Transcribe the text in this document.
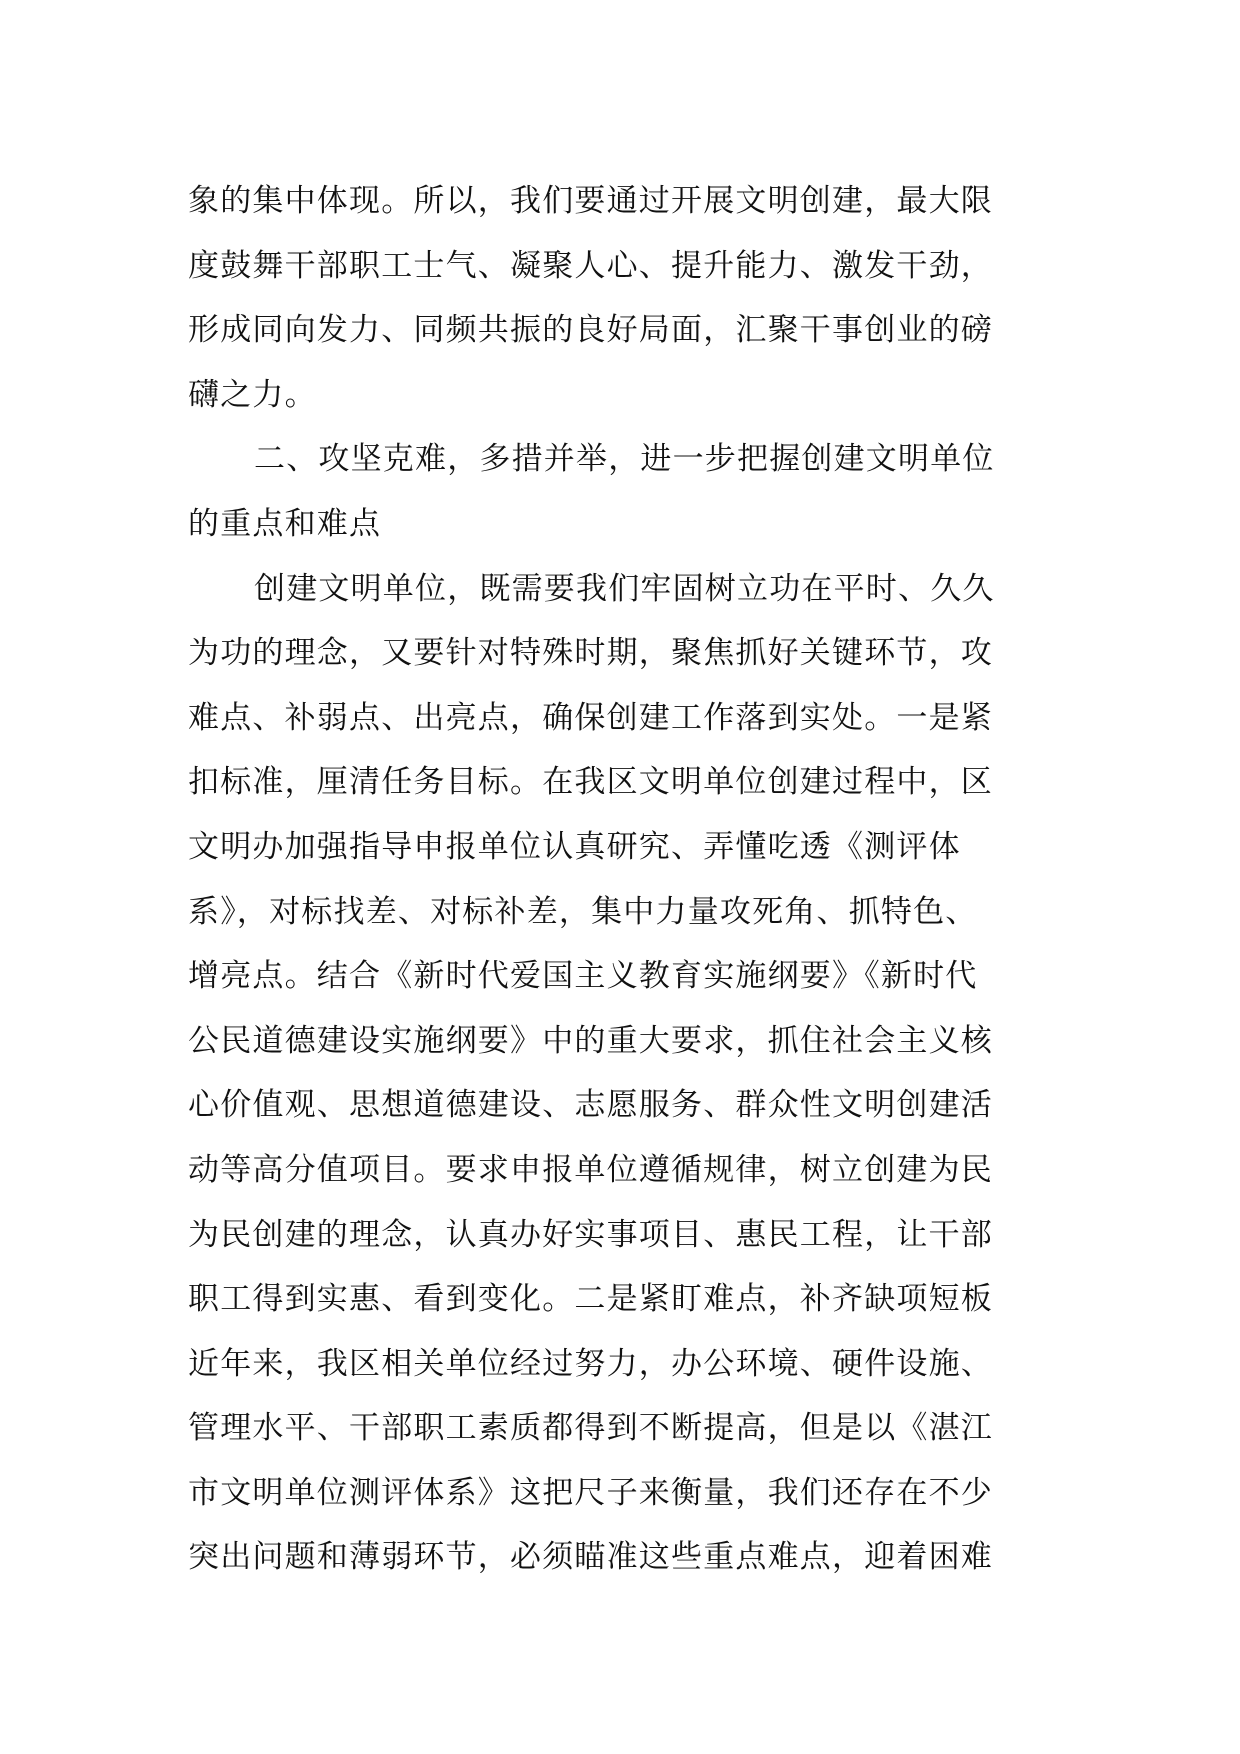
象的集中体现。所以，我们要通过开展文明创建，最大限
度鼓舞干部职工士气、凝聚人心、提升能力、激发干劲，
形成同向发力、同频共振的良好局面，汇聚干事创业的磅
礴之力。
二、攻坚克难，多措并举，进一步把握创建文明单位
的重点和难点
创建文明单位，既需要我们牢固树立功在平时、久久
为功的理念，又要针对特殊时期，聚焦抓好关键环节，攻
难点、补弱点、出亮点，确保创建工作落到实处。一是紧
扣标准，厘清任务目标。在我区文明单位创建过程中，区
文明办加强指导申报单位认真研究、弄懂吃透《测评体
系》，对标找差、对标补差，集中力量攻死角、抓特色、
增亮点。结合《新时代爱国主义教育实施纲要》《新时代
公民道德建设实施纲要》中的重大要求，抓住社会主义核
心价值观、思想道德建设、志愿服务、群众性文明创建活
动等高分值项目。要求申报单位遵循规律，树立创建为民
为民创建的理念，认真办好实事项目、惠民工程，让干部
职工得到实惠、看到变化。二是紧盯难点，补齐缺项短板
近年来，我区相关单位经过努力，办公环境、硬件设施、
管理水平、干部职工素质都得到不断提高，但是以《湛江
市文明单位测评体系》这把尺子来衡量，我们还存在不少
突出问题和薄弱环节，必须瞄准这些重点难点，迎着困难
